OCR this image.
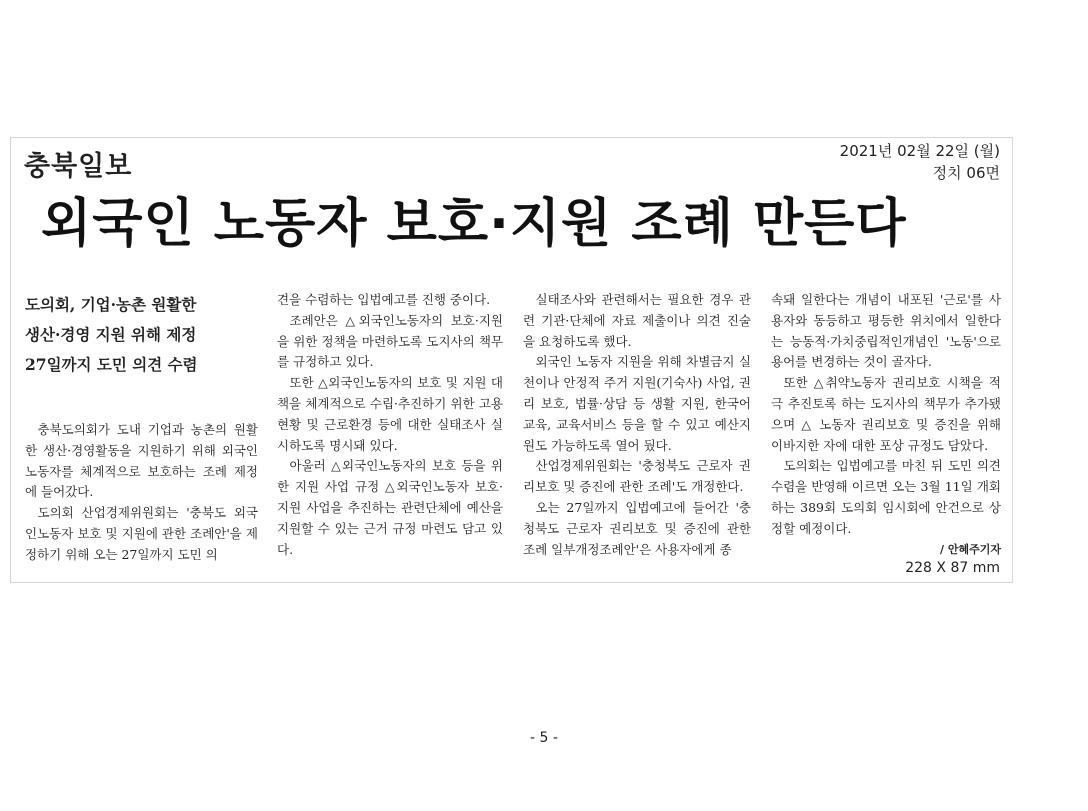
충북일보	2021년 02월 22일 (월)
정치 06면
외국인 노동자 보호·지원 조례 만든다
도의회, 기업·농촌 원활한
생산·경영 지원 위해 제정
27일까지 도민 의견 수렴

충북도의회가 도내 기업과 농촌의 원활한 생산·경영활동을 지원하기 위해 외국인노동자를 체계적으로 보호하는 조례 제정에 들어갔다.

도의회 산업경제위원회는 '충북도 외국인노동자 보호 및 지원에 관한 조례안'을 제정하기 위해 오는 27일까지 도민 의

견을 수렴하는 입법예고를 진행 중이다.

조례안은 △외국인노동자의 보호·지원을 위한 정책을 마련하도록 도지사의 책무를 규정하고 있다.

또한 △외국인노동자의 보호 및 지원 대책을 체계적으로 수립·추진하기 위한 고용현황 및 근로환경 등에 대한 실태조사 실시하도록 명시돼 있다.

아울러 △외국인노동자의 보호 등을 위한 지원 사업 규정 △외국인노동자 보호·지원 사업을 추진하는 관련단체에 예산을 지원할 수 있는 근거 규정 마련도 담고 있다.

실태조사와 관련해서는 필요한 경우 관련 기관·단체에 자료 제출이나 의견 진술을 요청하도록 했다.

외국인 노동자 지원을 위해 차별금지 실천이나 안정적 주거 지원(기숙사) 사업, 권리 보호, 법률·상담 등 생활 지원, 한국어 교육, 교육서비스 등을 할 수 있고 예산지원도 가능하도록 열어 뒀다.

산업경제위원회는 '충청북도 근로자 권리보호 및 증진에 관한 조례'도 개정한다.

오는 27일까지 입법예고에 들어간 '충청북도 근로자 권리보호 및 증진에 관한 조례 일부개정조례안'은 사용자에게 종

속돼 일한다는 개념이 내포된 '근로'를 사용자와 동등하고 평등한 위치에서 일한다는 능동적·가치중립적인개념인 '노동'으로 용어를 변경하는 것이 골자다.

또한 △취약노동자 권리보호 시책을 적극 추진토록 하는 도지사의 책무가 추가됐으며 △ 노동자 권리보호 및 증진을 위해 이바지한 자에 대한 포상 규정도 담았다.

도의회는 입법예고를 마친 뒤 도민 의견수렴을 반영해 이르면 오는 3월 11일 개회하는 389회 도의회 임시회에 안건으로 상정할 예정이다.

/ 안혜주기자
228 X 87 mm
- 5 -
